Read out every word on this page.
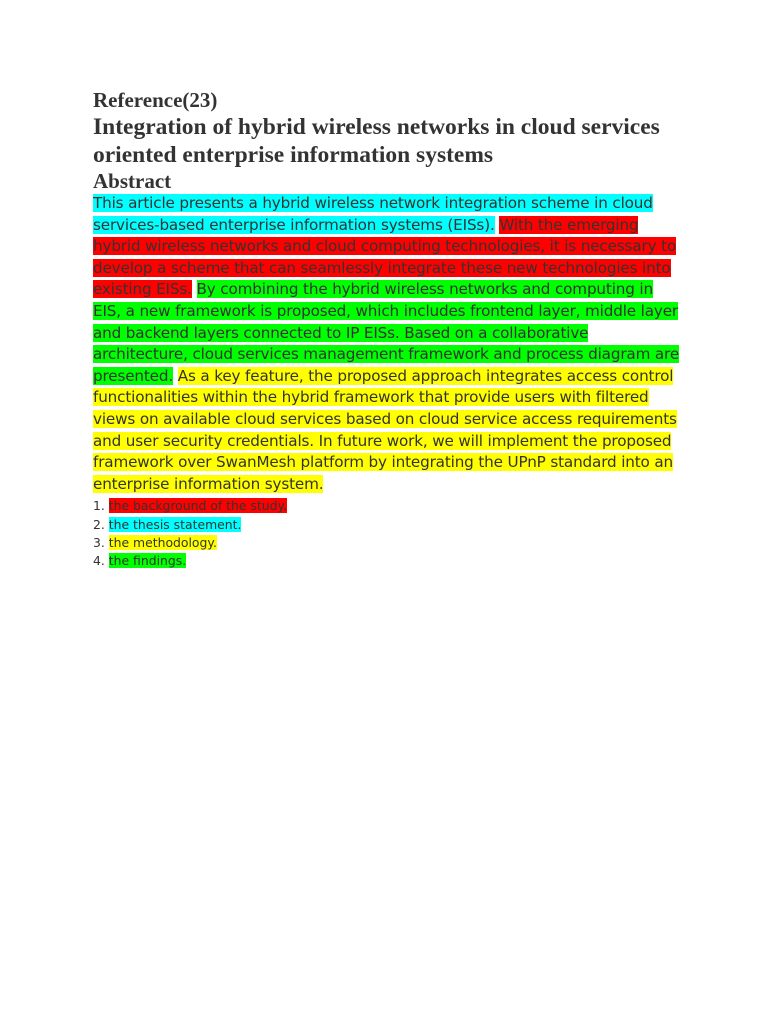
Reference(23)
Integration of hybrid wireless networks in cloud services oriented enterprise information systems
Abstract

This article presents a hybrid wireless network integration scheme in cloud services-based enterprise information systems (EISs). With the emerging hybrid wireless networks and cloud computing technologies, it is necessary to develop a scheme that can seamlessly integrate these new technologies into existing EISs. By combining the hybrid wireless networks and computing in EIS, a new framework is proposed, which includes frontend layer, middle layer and backend layers connected to IP EISs. Based on a collaborative architecture, cloud services management framework and process diagram are presented. As a key feature, the proposed approach integrates access control functionalities within the hybrid framework that provide users with filtered views on available cloud services based on cloud service access requirements and user security credentials. In future work, we will implement the proposed framework over SwanMesh platform by integrating the UPnP standard into an enterprise information system.

1. the background of the study.
2. the thesis statement.
3. the methodology.
4. the findings.
